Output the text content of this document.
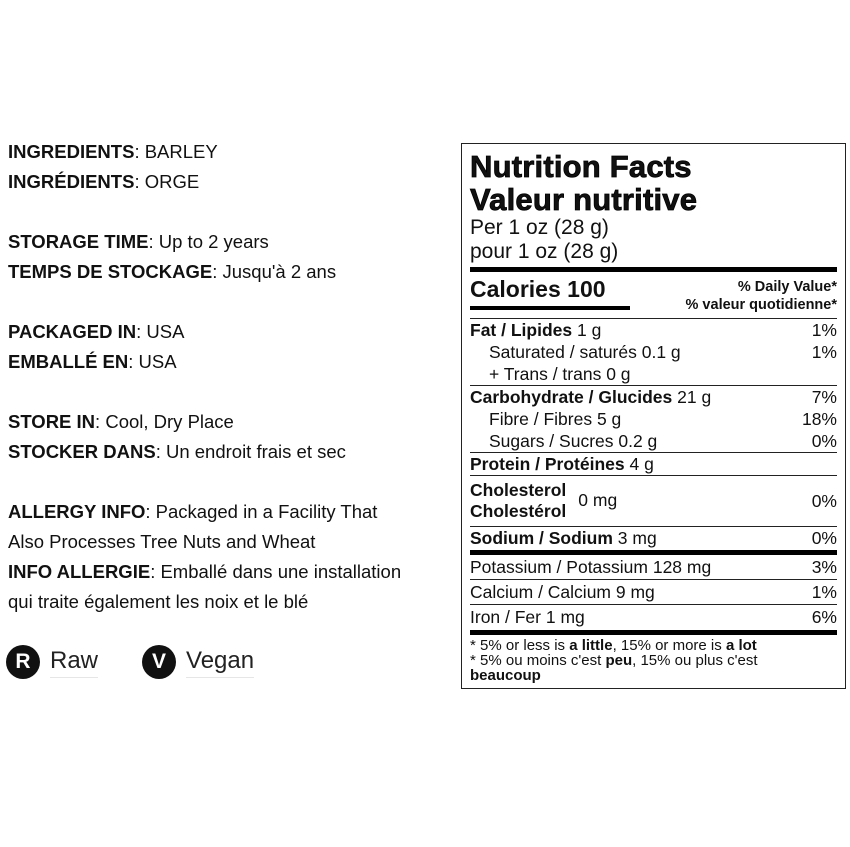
INGREDIENTS: BARLEY
INGRÉDIENTS: ORGE
STORAGE TIME: Up to 2 years
TEMPS DE STOCKAGE: Jusqu'à 2 ans
PACKAGED IN: USA
EMBALLÉ EN: USA
STORE IN: Cool, Dry Place
STOCKER DANS: Un endroit frais et sec
ALLERGY INFO: Packaged in a Facility That
Also Processes Tree Nuts and Wheat
INFO ALLERGIE: Emballé dans une installation
qui traite également les noix et le blé
R Raw	V Vegan
Nutrition Facts
Valeur nutritive
Per 1 oz (28 g)
pour 1 oz (28 g)
Calories 100	% Daily Value*
% valeur quotidienne*
Fat / Lipides 1 g	1%
Saturated / saturés 0.1 g	1%
+ Trans / trans 0 g
Carbohydrate / Glucides 21 g	7%
Fibre / Fibres 5 g	18%
Sugars / Sucres 0.2 g	0%
Protein / Protéines 4 g
Cholesterol
Cholestérol
0 mg	0%
Sodium / Sodium 3 mg	0%
Potassium / Potassium 128 mg	3%
Calcium / Calcium 9 mg	1%
Iron / Fer 1 mg	6%
* 5% or less is a little, 15% or more is a lot
* 5% ou moins c'est peu, 15% ou plus c'est
beaucoup
